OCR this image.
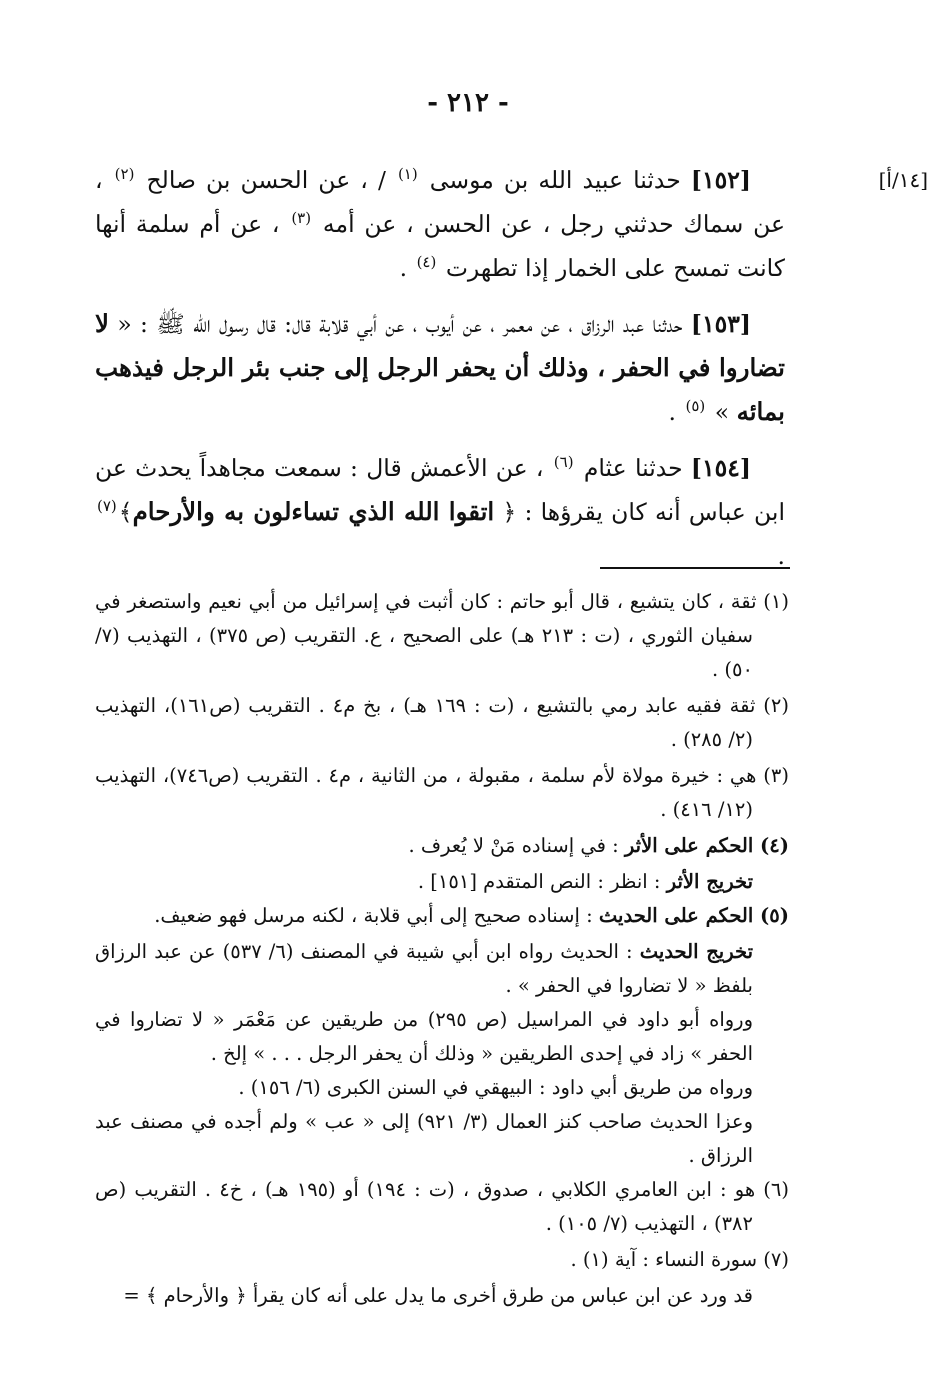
- ٢١٢ -
[١٤/أ]

[١٥٢] حدثنا عبيد الله بن موسى $^{(١)}$ / ، عن الحسن بن صالح $^{(٢)}$ ، عن سماك حدثني رجل ، عن الحسن ، عن أمه $^{(٣)}$ ، عن أم سلمة أنها كانت تمسح على الخمار إذا تطهرت $^{(٤)}$ .

[١٥٣] حدثنا عبد الرزاق ، عن معمر ، عن أيوب ، عن أبي قلابة قال: قال رسول الله ﷺ : « لا تضاروا في الحفر ، وذلك أن يحفر الرجل إلى جنب بئر الرجل فيذهب بمائه » $^{(٥)}$ .

[١٥٤] حدثنا عثام $^{(٦)}$ ، عن الأعمش قال : سمعت مجاهداً يحدث عن ابن عباس أنه كان يقرؤها : ﴿ اتقوا الله الذي تساءلون به والأرحام﴾$^{(٧)}$ .

(١) ثقة ، كان يتشيع ، قال أبو حاتم : كان أثبت في إسرائيل من أبي نعيم واستصغر في سفيان الثوري ، (ت : ٢١٣ هـ) على الصحيح ، ع. التقريب (ص ٣٧٥) ، التهذيب (٧/ ٥٠) .

(٢) ثقة فقيه عابد رمي بالتشيع ، (ت : ١٦٩ هـ) ، بخ م٤ . التقريب (ص١٦١)، التهذيب (٢/ ٢٨٥) .

(٣) هي : خيرة مولاة لأم سلمة ، مقبولة ، من الثانية ، م٤ . التقريب (ص٧٤٦)، التهذيب (١٢/ ٤١٦) .

(٤) الحكم على الأثر : في إسناده مَنْ لا يُعرف .

تخريج الأثر : انظر : النص المتقدم [١٥١] .

(٥) الحكم على الحديث : إسناده صحيح إلى أبي قلابة ، لكنه مرسل فهو ضعيف.

تخريج الحديث : الحديث رواه ابن أبي شيبة في المصنف (٦/ ٥٣٧) عن عبد الرزاق بلفظ « لا تضاروا في الحفر » .

ورواه أبو داود في المراسيل (ص ٢٩٥) من طريقين عن مَعْمَر « لا تضاروا في الحفر » زاد في إحدى الطريقين « وذلك أن يحفر الرجل . . . » إلخ .

ورواه من طريق أبي داود : البيهقي في السنن الكبرى (٦/ ١٥٦) .

وعزا الحديث صاحب كنز العمال (٣/ ٩٢١) إلى « عب » ولم أجده في مصنف عبد الرزاق .

(٦) هو : ابن العامري الكلابي ، صدوق ، (ت : ١٩٤) أو (١٩٥ هـ) ، خ٤ . التقريب (ص ٣٨٢) ، التهذيب (٧/ ١٠٥) .

(٧) سورة النساء : آية (١) .

قد ورد عن ابن عباس من طرق أخرى ما يدل على أنه كان يقرأ ﴿ والأرحام ﴾ =
